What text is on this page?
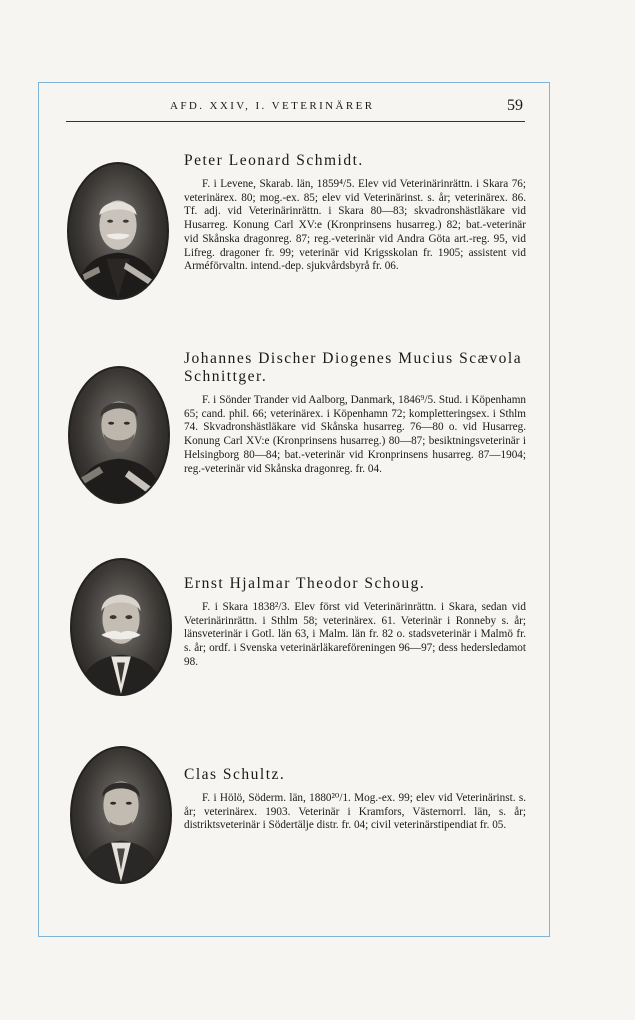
AFD. XXIV, I. VETERINÄRER	59
Peter Leonard Schmidt.
F. i Levene, Skarab. län, 1859⁴/5. Elev vid Veterinärinrättn. i Skara 76; veterinärex. 80; mog.-ex. 85; elev vid Veterinärinst. s. år; veterinärex. 86. Tf. adj. vid Veterinärinrättn. i Skara 80—83; skvadronshästläkare vid Husarreg. Konung Carl XV:e (Kronprinsens husarreg.) 82; bat.-veterinär vid Skånska dragonreg. 87; reg.-veterinär vid Andra Göta art.-reg. 95, vid Lifreg. dragoner fr. 99; veterinär vid Krigsskolan fr. 1905; assistent vid Arméförvaltn. intend.-dep. sjukvårdsbyrå fr. 06.
Johannes Discher Diogenes Mucius Scævola Schnittger.
F. i Sönder Trander vid Aalborg, Danmark, 1846⁹/5. Stud. i Köpenhamn 65; cand. phil. 66; veterinärex. i Köpenhamn 72; kompletteringsex. i Sthlm 74. Skvadronshästläkare vid Skånska husarreg. 76—80 o. vid Husarreg. Konung Carl XV:e (Kronprinsens husarreg.) 80—87; besiktningsveterinär i Helsingborg 80—84; bat.-veterinär vid Kronprinsens husarreg. 87—1904; reg.-veterinär vid Skånska dragonreg. fr. 04.
Ernst Hjalmar Theodor Schoug.
F. i Skara 1838²/3. Elev först vid Veterinärinrättn. i Skara, sedan vid Veterinärinrättn. i Sthlm 58; veterinärex. 61. Veterinär i Ronneby s. år; länsveterinär i Gotl. län 63, i Malm. län fr. 82 o. stadsveterinär i Malmö fr. s. år; ordf. i Svenska veterinärläkareföreningen 96—97; dess hedersledamot 98.
Clas Schultz.
F. i Hölö, Söderm. län, 1880²⁰/1. Mog.-ex. 99; elev vid Veterinärinst. s. år; veterinärex. 1903. Veterinär i Kramfors, Västernorrl. län, s. år; distriktsveterinär i Södertälje distr. fr. 04; civil veterinärstipendiat fr. 05.
